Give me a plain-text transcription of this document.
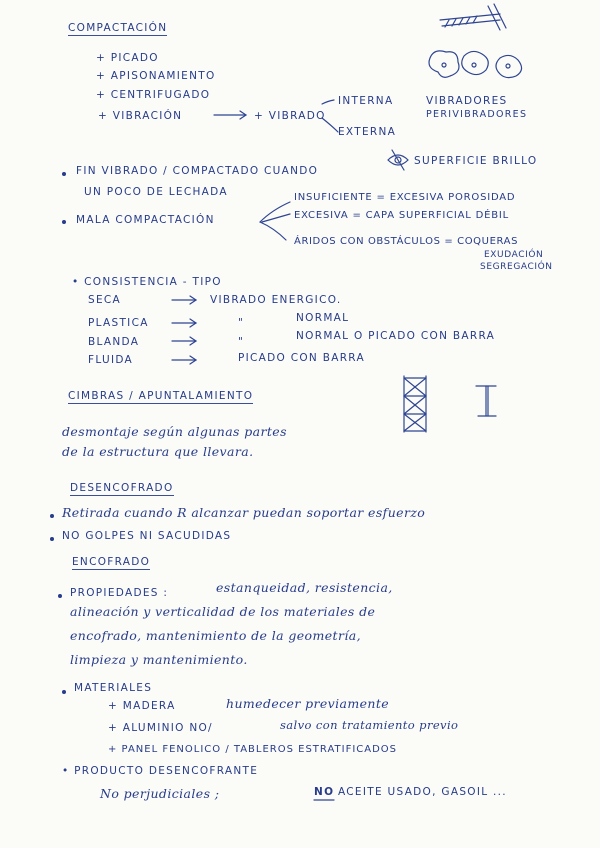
COMPACTACIÓN
+ PICADO
+ APISONAMIENTO
+ CENTRIFUGADO
+ VIBRACIÓN	+ VIBRADO
INTERNA
EXTERNA
VIBRADORES
PERIVIBRADORES
FIN VIBRADO / COMPACTADO CUANDO
SUPERFICIE BRILLO
UN POCO DE LECHADA
MALA COMPACTACIÓN
INSUFICIENTE = EXCESIVA POROSIDAD
EXCESIVA = CAPA SUPERFICIAL DÉBIL
ÁRIDOS CON OBSTÁCULOS = COQUERAS
EXUDACIÓN
SEGREGACIÓN
• CONSISTENCIA - TIPO
SECA	VIBRADO ENERGICO.
PLASTICA	"	NORMAL
BLANDA	"	NORMAL O PICADO CON BARRA
FLUIDA	PICADO CON BARRA
CIMBRAS / APUNTALAMIENTO
desmontaje según algunas partes
de la estructura que llevara.
DESENCOFRADO
Retirada cuando R alcanzar puedan soportar esfuerzo
NO GOLPES NI SACUDIDAS
ENCOFRADO
PROPIEDADES :	estanqueidad, resistencia,
alineación y verticalidad de los materiales de
encofrado, mantenimiento de la geometría,
limpieza y mantenimiento.
MATERIALES
+ MADERA	humedecer previamente
+ ALUMINIO NO/	salvo con tratamiento previo
+ PANEL FENOLICO / TABLEROS ESTRATIFICADOS
• PRODUCTO DESENCOFRANTE
No perjudiciales ;	NO ACEITE USADO, GASOIL ...
